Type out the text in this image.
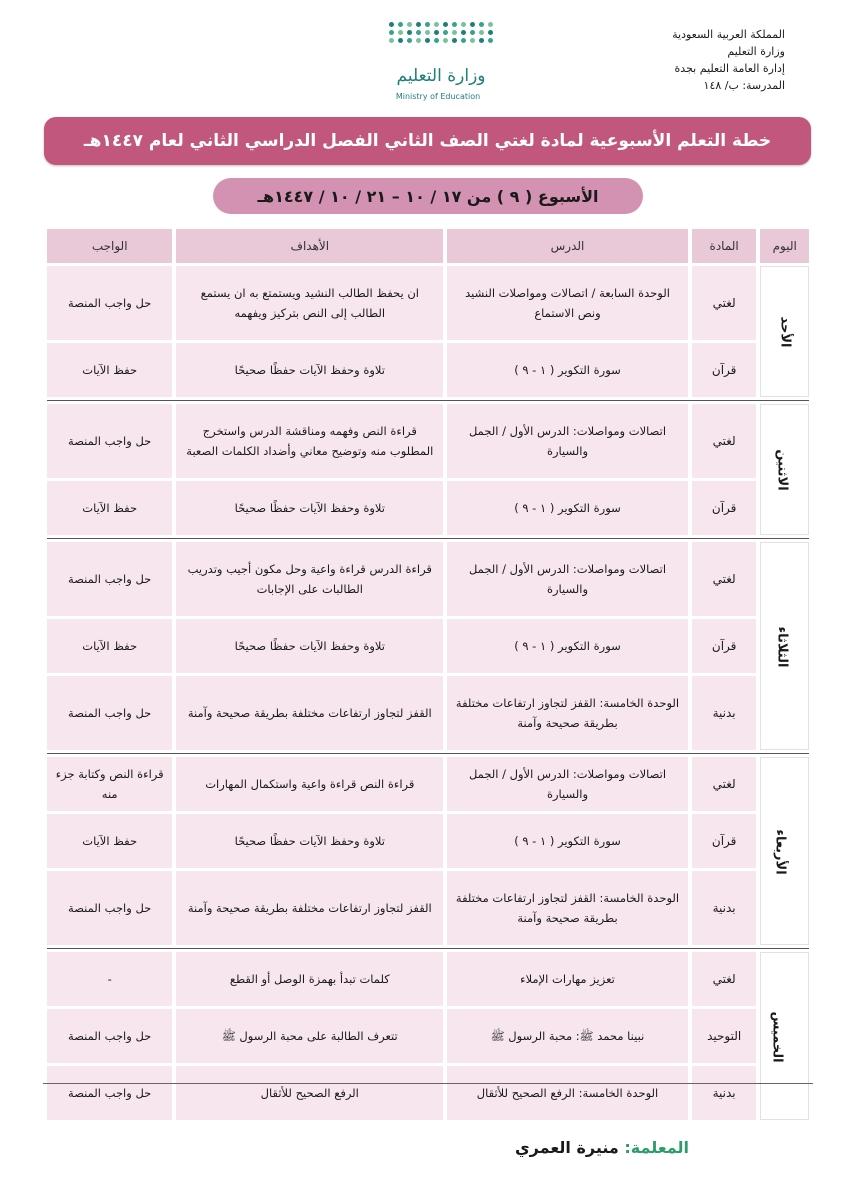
المملكة العربية السعودية
وزارة التعليم
إدارة العامة التعليم بجدة
المدرسة: ب/ ١٤٨
وزارة التعليم
Ministry of Education
خطة التعلم الأسبوعية لمادة لغتي الصف الثاني الفصل الدراسي الثاني لعام ١٤٤٧هـ
الأسبوع ( ٩ ) من ١٧ / ١٠ – ٢١ / ١٠ / ١٤٤٧هـ
اليوم	المادة	الدرس	الأهداف	الواجب
الأحد	لغتي	الوحدة السابعة / اتصالات ومواصلات النشيد ونص الاستماع	ان يحفظ الطالب النشيد ويستمتع به ان يستمع الطالب إلى النص بتركيز ويفهمه	حل واجب المنصة
	قرآن	سورة التكوير ( ١ - ٩ )	تلاوة وحفظ الآيات حفظًا صحيحًا	حفظ الآيات

الاثنين	لغتي	اتصالات ومواصلات: الدرس الأول / الجمل والسيارة	قراءة النص وفهمه ومناقشة الدرس واستخرج المطلوب منه وتوضيح معاني وأضداد الكلمات الصعبة	حل واجب المنصة
	قرآن	سورة التكوير ( ١ - ٩ )	تلاوة وحفظ الآيات حفظًا صحيحًا	حفظ الآيات

الثلاثاء	لغتي	اتصالات ومواصلات: الدرس الأول / الجمل والسيارة	قراءة الدرس قراءة واعية وحل مكون أجيب وتدريب الطالبات على الإجابات	حل واجب المنصة
	قرآن	سورة التكوير ( ١ - ٩ )	تلاوة وحفظ الآيات حفظًا صحيحًا	حفظ الآيات
	بدنية	الوحدة الخامسة: القفز لتجاوز ارتفاعات مختلفة بطريقة صحيحة وآمنة	القفز لتجاوز ارتفاعات مختلفة بطريقة صحيحة وآمنة	حل واجب المنصة

الأربعاء	لغتي	اتصالات ومواصلات: الدرس الأول / الجمل والسيارة	قراءة النص قراءة واعية واستكمال المهارات	قراءة النص وكتابة جزء منه
	قرآن	سورة التكوير ( ١ - ٩ )	تلاوة وحفظ الآيات حفظًا صحيحًا	حفظ الآيات
	بدنية	الوحدة الخامسة: القفز لتجاوز ارتفاعات مختلفة بطريقة صحيحة وآمنة	القفز لتجاوز ارتفاعات مختلفة بطريقة صحيحة وآمنة	حل واجب المنصة

الخميس	لغتي	تعزيز مهارات الإملاء	كلمات تبدأ بهمزة الوصل أو القطع	-
	التوحيد	نبينا محمد ﷺ: محبة الرسول ﷺ	تتعرف الطالبة على محبة الرسول ﷺ	حل واجب المنصة
	بدنية	الوحدة الخامسة: الرفع الصحيح للأثقال	الرفع الصحيح للأثقال	حل واجب المنصة
المعلمة: منيرة العمري
